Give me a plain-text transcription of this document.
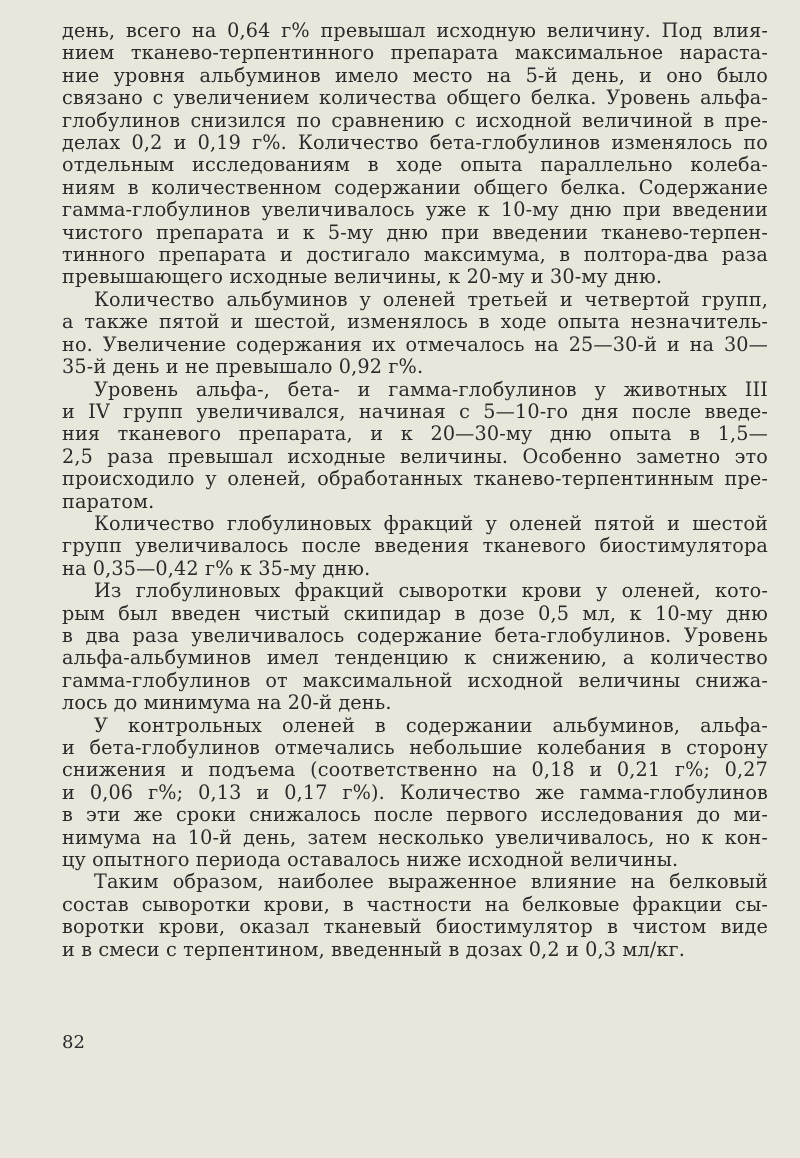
день, всего на 0,64 г% превышал исходную величину. Под влия-
нием тканево-терпентинного препарата максимальное нараста-
ние уровня альбуминов имело место на 5-й день, и оно было
связано с увеличением количества общего белка. Уровень альфа-
глобулинов снизился по сравнению с исходной величиной в пре-
делах 0,2 и 0,19 г%. Количество бета-глобулинов изменялось по
отдельным исследованиям в ходе опыта параллельно колеба-
ниям в количественном содержании общего белка. Содержание
гамма-глобулинов увеличивалось уже к 10-му дню при введении
чистого препарата и к 5-му дню при введении тканево-терпен-
тинного препарата и достигало максимума, в полтора-два раза
превышающего исходные величины, к 20-му и 30-му дню.

Количество альбуминов у оленей третьей и четвертой групп,
а также пятой и шестой, изменялось в ходе опыта незначитель-
но. Увеличение содержания их отмечалось на 25—30-й и на 30—
35-й день и не превышало 0,92 г%.

Уровень альфа-, бета- и гамма-глобулинов у животных III
и IV групп увеличивался, начиная с 5—10-го дня после введе-
ния тканевого препарата, и к 20—30-му дню опыта в 1,5—
2,5 раза превышал исходные величины. Особенно заметно это
происходило у оленей, обработанных тканево-терпентинным пре-
паратом.

Количество глобулиновых фракций у оленей пятой и шестой
групп увеличивалось после введения тканевого биостимулятора
на 0,35—0,42 г% к 35-му дню.

Из глобулиновых фракций сыворотки крови у оленей, кото-
рым был введен чистый скипидар в дозе 0,5 мл, к 10-му дню
в два раза увеличивалось содержание бета-глобулинов. Уровень
альфа-альбуминов имел тенденцию к снижению, а количество
гамма-глобулинов от максимальной исходной величины снижа-
лось до минимума на 20-й день.

У контрольных оленей в содержании альбуминов, альфа-
и бета-глобулинов отмечались небольшие колебания в сторону
снижения и подъема (соответственно на 0,18 и 0,21 г%; 0,27
и 0,06 г%; 0,13 и 0,17 г%). Количество же гамма-глобулинов
в эти же сроки снижалось после первого исследования до ми-
нимума на 10-й день, затем несколько увеличивалось, но к кон-
цу опытного периода оставалось ниже исходной величины.

Таким образом, наиболее выраженное влияние на белковый
состав сыворотки крови, в частности на белковые фракции сы-
воротки крови, оказал тканевый биостимулятор в чистом виде
и в смеси с терпентином, введенный в дозах 0,2 и 0,3 мл/кг.

82
